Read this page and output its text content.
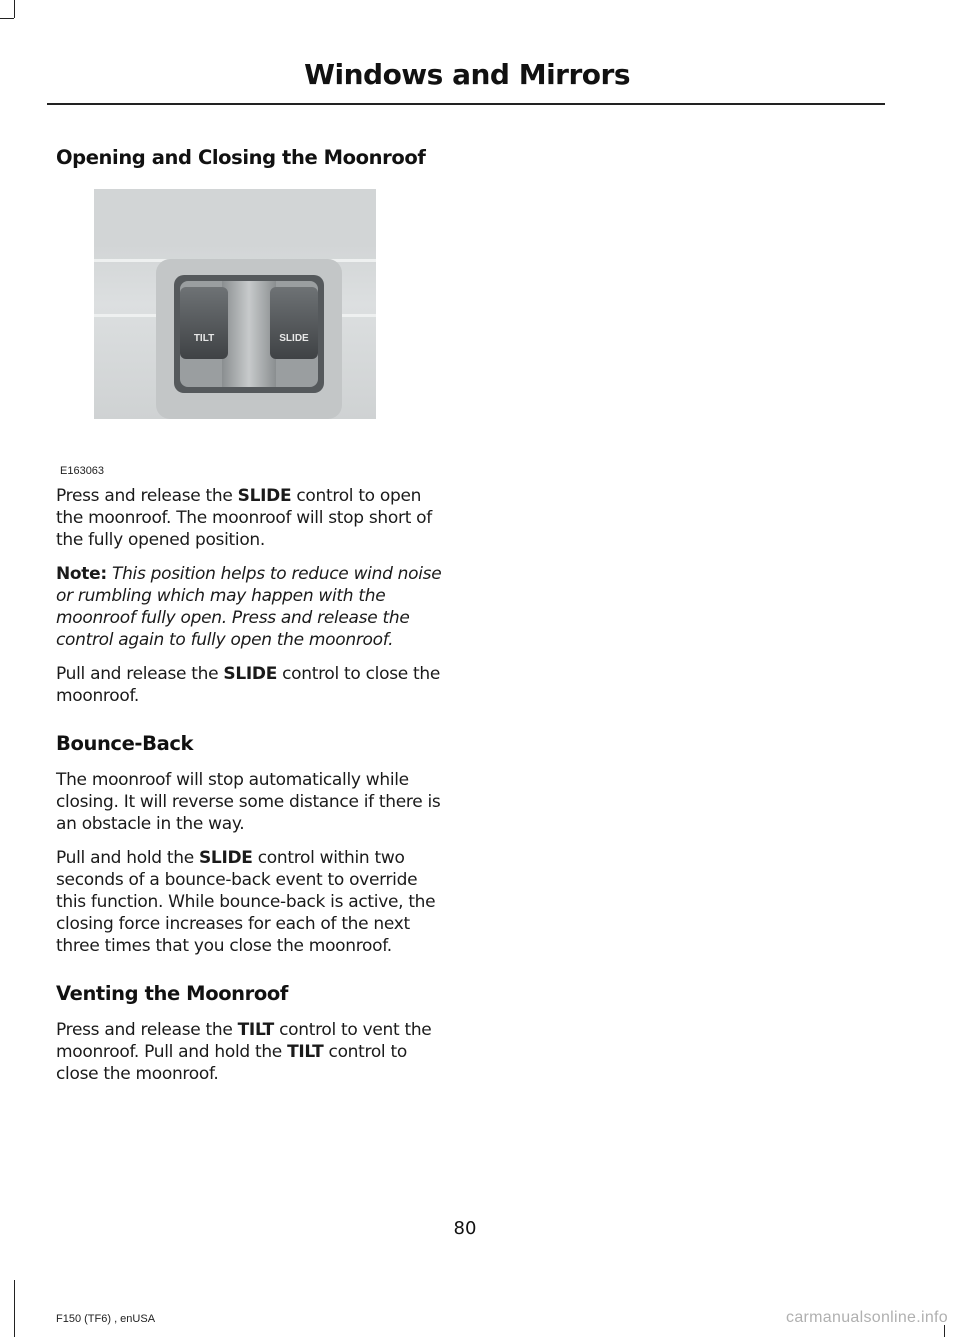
Windows and Mirrors
Opening and Closing the Moonroof
TILT	SLIDE
E163063

Press and release the SLIDE control to open the moonroof. The moonroof will stop short of the fully opened position.

Note: This position helps to reduce wind noise or rumbling which may happen with the moonroof fully open. Press and release the control again to fully open the moonroof.

Pull and release the SLIDE control to close the moonroof.

Bounce-Back

The moonroof will stop automatically while closing. It will reverse some distance if there is an obstacle in the way.

Pull and hold the SLIDE control within two seconds of a bounce-back event to override this function. While bounce-back is active, the closing force increases for each of the next three times that you close the moonroof.

Venting the Moonroof

Press and release the TILT control to vent the moonroof. Pull and hold the TILT control to close the moonroof.

80
F150 (TF6) , enUSA	carmanualsonline.info
